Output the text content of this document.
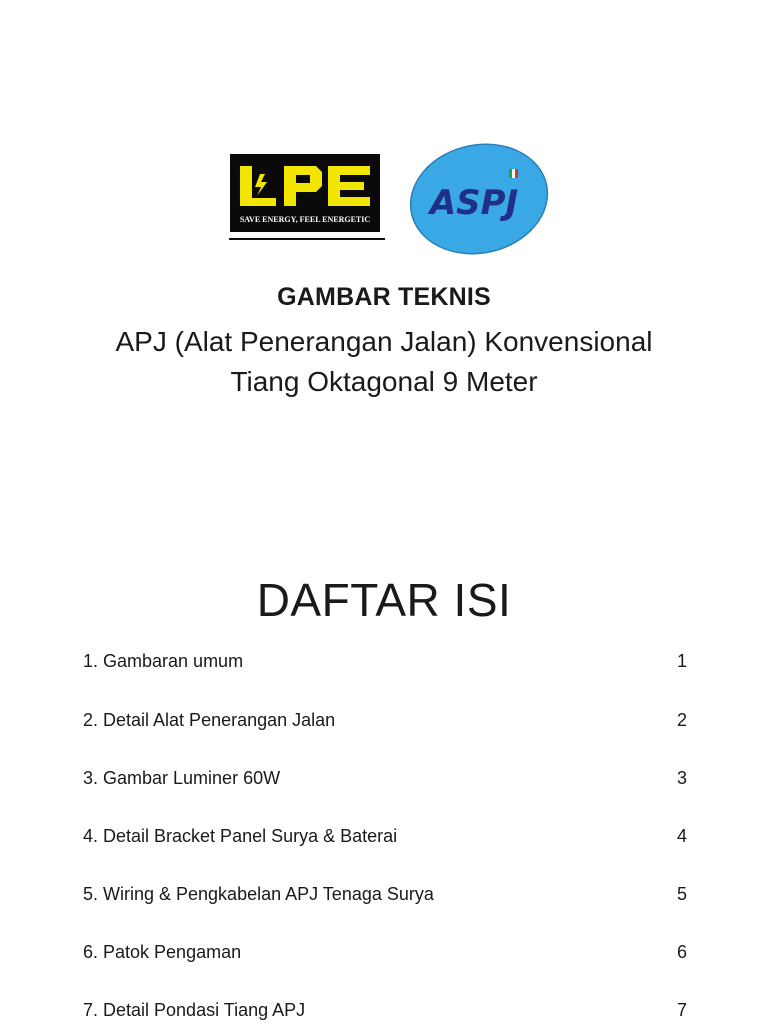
SAVE ENERGY, FEEL ENERGETIC ASPJ
GAMBAR TEKNIS
APJ (Alat Penerangan Jalan) Konvensional
Tiang Oktagonal 9 Meter
DAFTAR ISI
1. Gambaran umum	1
2. Detail Alat Penerangan Jalan	2
3. Gambar Luminer 60W	3
4. Detail Bracket Panel Surya & Baterai	4
5. Wiring & Pengkabelan APJ Tenaga Surya	5
6. Patok Pengaman	6
7. Detail Pondasi Tiang APJ	7
